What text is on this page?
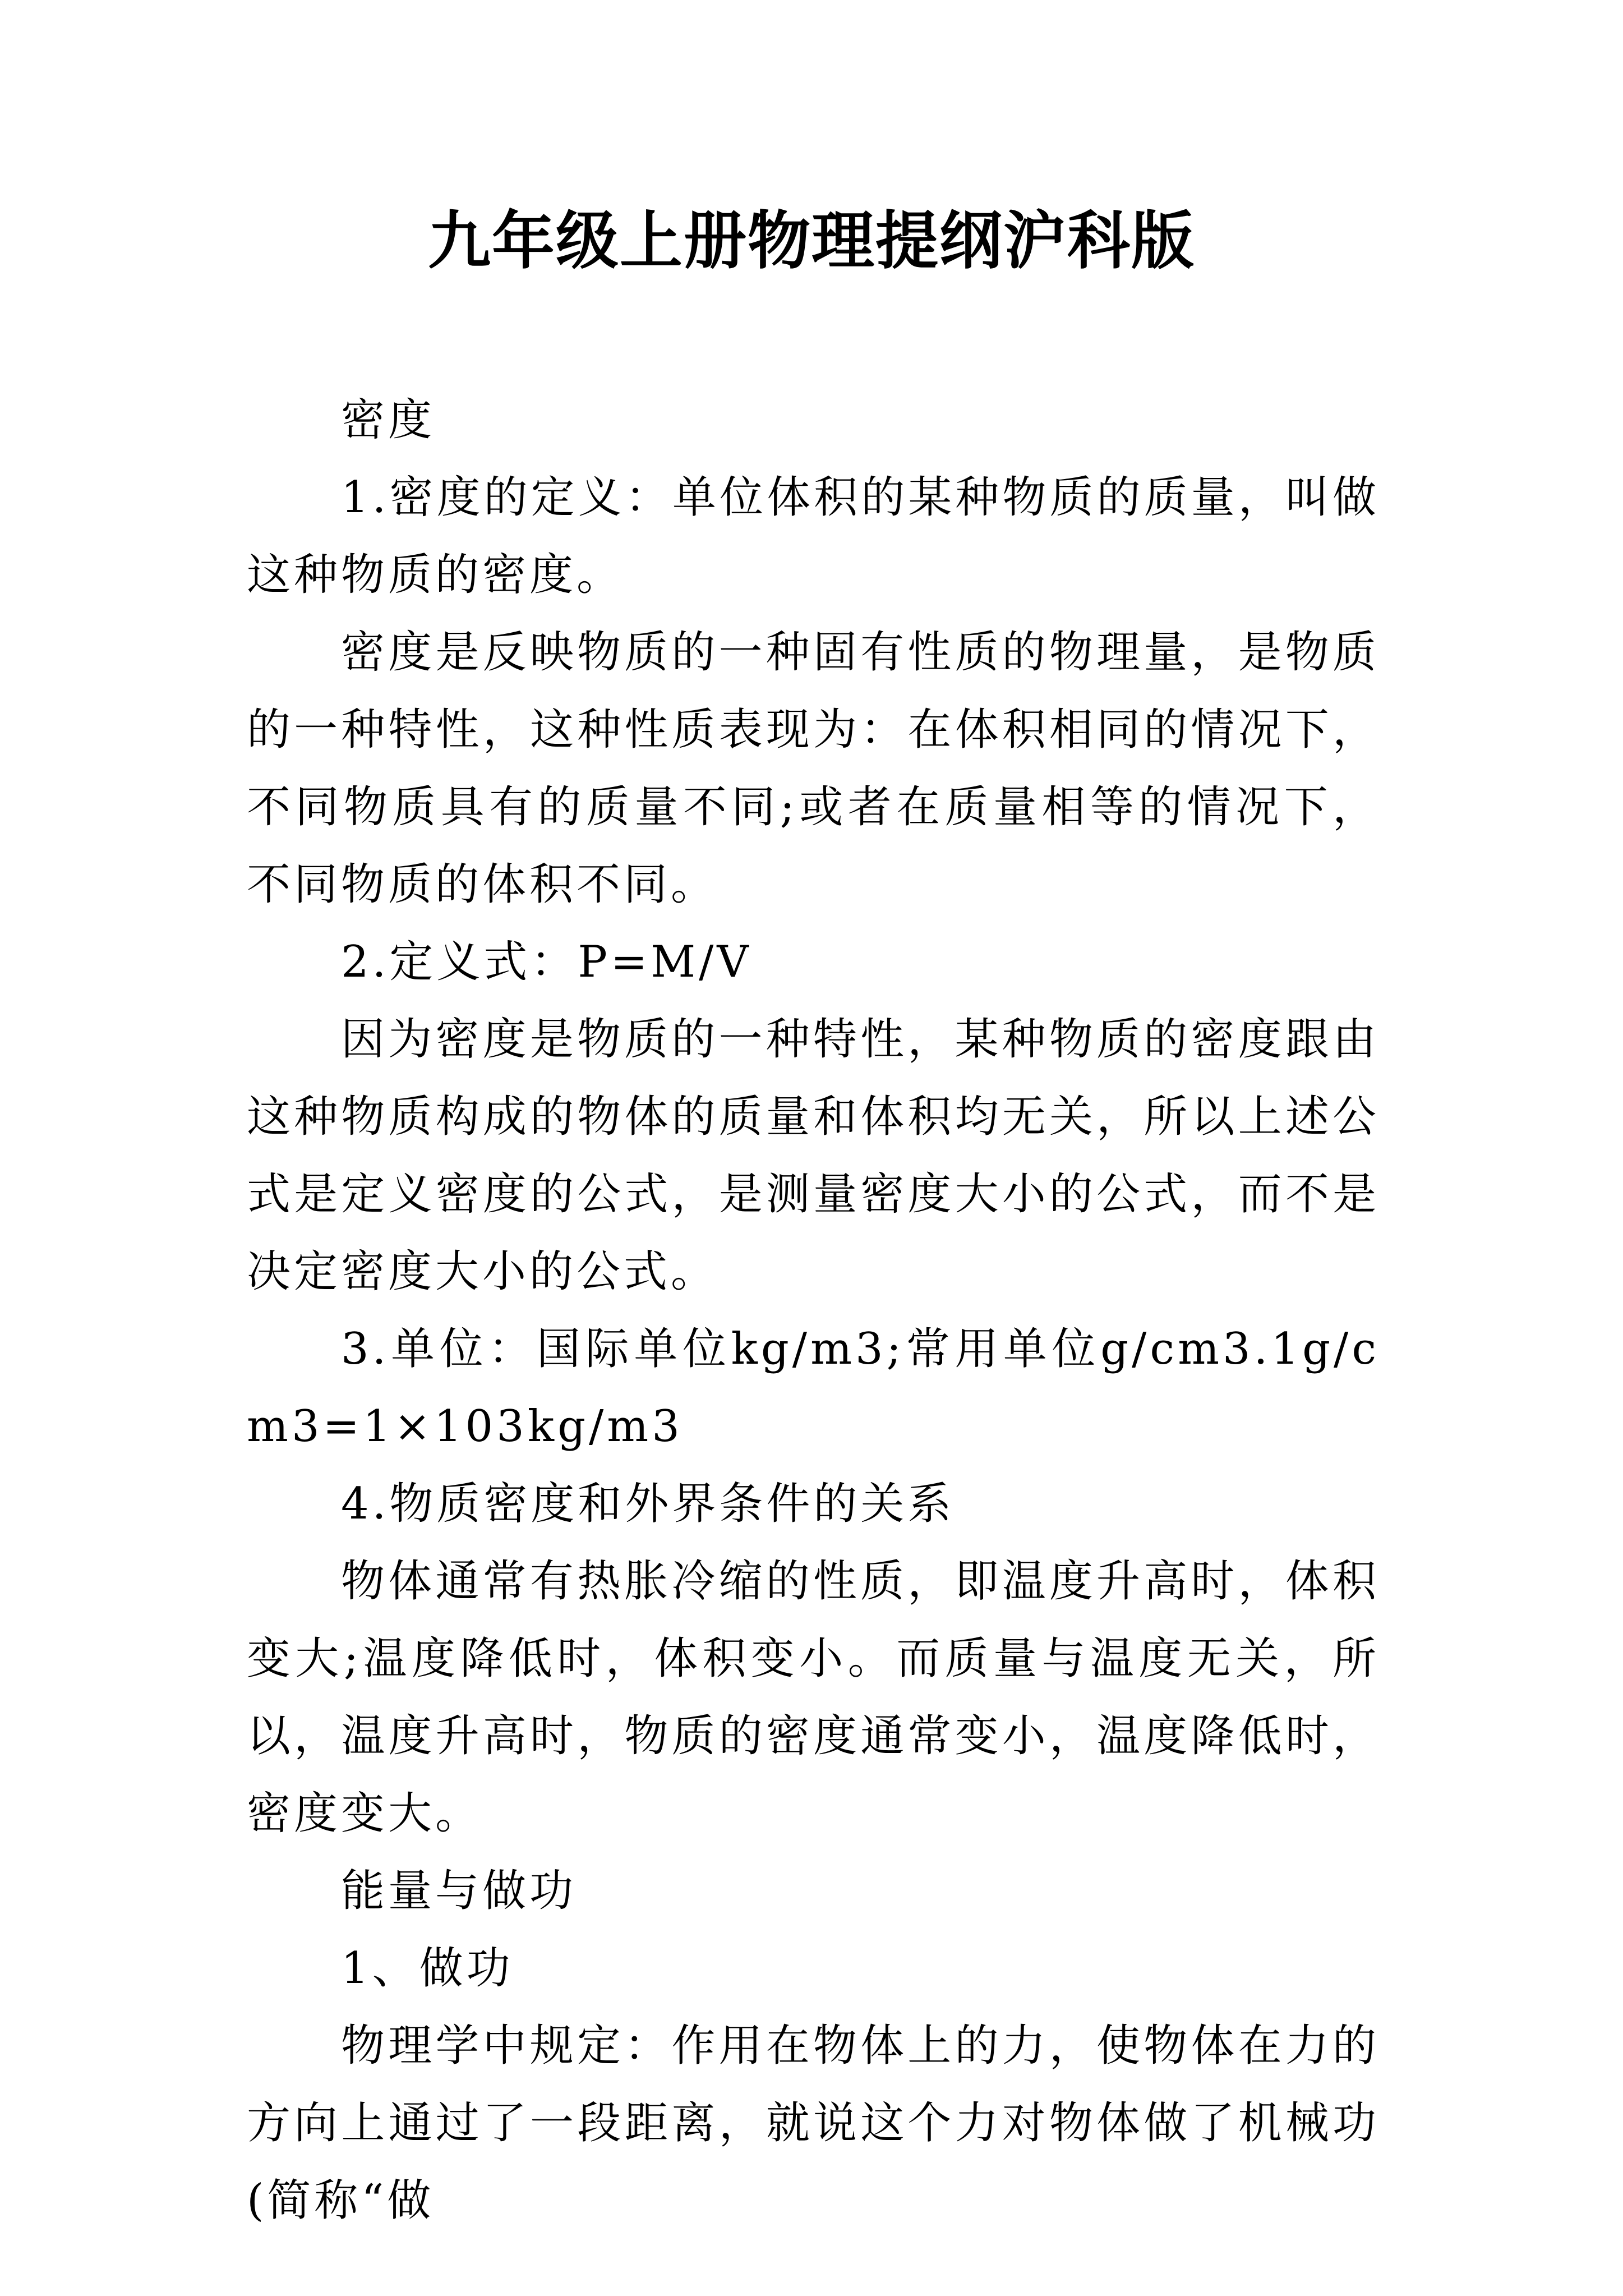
九年级上册物理提纲沪科版

密度

1.密度的定义：单位体积的某种物质的质量，叫做这种物质的密度。

密度是反映物质的一种固有性质的物理量，是物质的一种特性，这种性质表现为：在体积相同的情况下，不同物质具有的质量不同;或者在质量相等的情况下，不同物质的体积不同。

2.定义式：P=M/V

因为密度是物质的一种特性，某种物质的密度跟由这种物质构成的物体的质量和体积均无关，所以上述公式是定义密度的公式，是测量密度大小的公式，而不是决定密度大小的公式。

3.单位：国际单位kg/m3;常用单位g/cm3.1g/cm3=1×103kg/m3

4.物质密度和外界条件的关系

物体通常有热胀冷缩的性质，即温度升高时，体积变大;温度降低时，体积变小。而质量与温度无关，所以，温度升高时，物质的密度通常变小，温度降低时，密度变大。

能量与做功

1、做功

物理学中规定：作用在物体上的力，使物体在力的方向上通过了一段距离，就说这个力对物体做了机械功(简称“做
